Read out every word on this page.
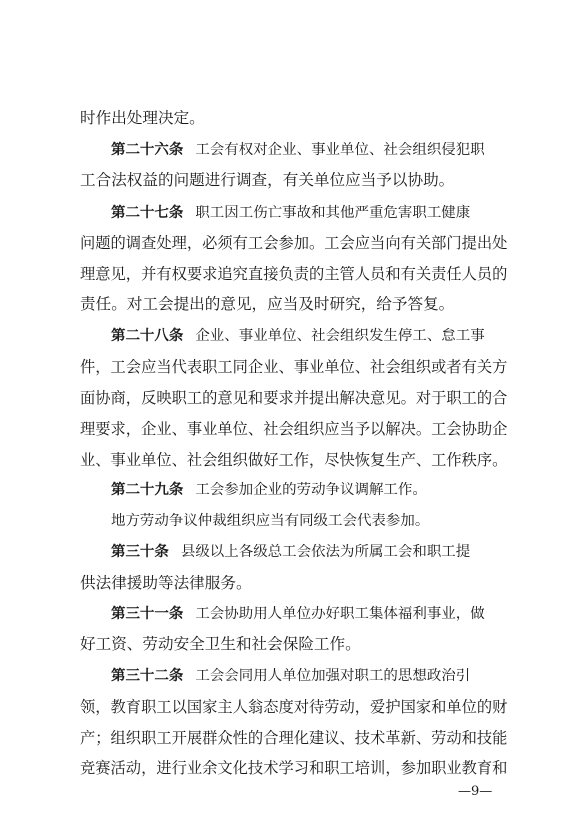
时作出处理决定。
第二十六条 工会有权对企业、事业单位、社会组织侵犯职
工合法权益的问题进行调查，有关单位应当予以协助。
第二十七条 职工因工伤亡事故和其他严重危害职工健康
问题的调查处理，必须有工会参加。工会应当向有关部门提出处
理意见，并有权要求追究直接负责的主管人员和有关责任人员的
责任。对工会提出的意见，应当及时研究，给予答复。
第二十八条 企业、事业单位、社会组织发生停工、怠工事
件，工会应当代表职工同企业、事业单位、社会组织或者有关方
面协商，反映职工的意见和要求并提出解决意见。对于职工的合
理要求，企业、事业单位、社会组织应当予以解决。工会协助企
业、事业单位、社会组织做好工作，尽快恢复生产、工作秩序。
第二十九条 工会参加企业的劳动争议调解工作。
地方劳动争议仲裁组织应当有同级工会代表参加。
第三十条 县级以上各级总工会依法为所属工会和职工提
供法律援助等法律服务。
第三十一条 工会协助用人单位办好职工集体福利事业，做
好工资、劳动安全卫生和社会保险工作。
第三十二条 工会会同用人单位加强对职工的思想政治引
领，教育职工以国家主人翁态度对待劳动，爱护国家和单位的财
产；组织职工开展群众性的合理化建议、技术革新、劳动和技能
竞赛活动，进行业余文化技术学习和职工培训，参加职业教育和
—9—
